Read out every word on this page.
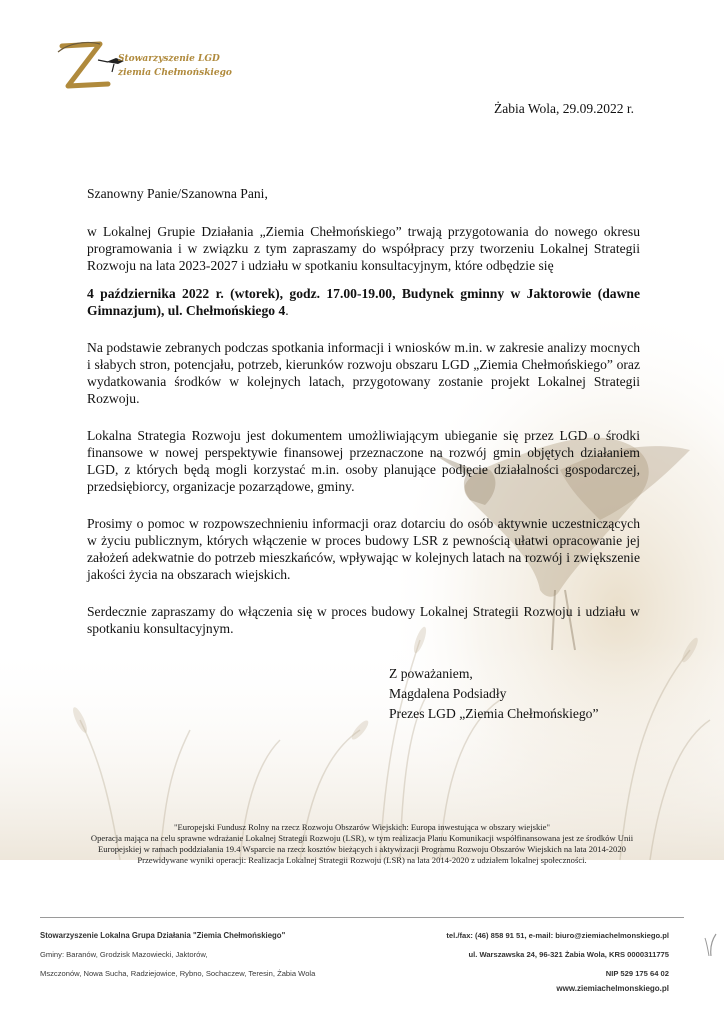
Stowarzyszenie LGD
ziemia Chełmońskiego
Żabia Wola, 29.09.2022 r.

Szanowny Panie/Szanowna Pani,

w Lokalnej Grupie Działania „Ziemia Chełmońskiego” trwają przygotowania do nowego okresu programowania i w związku z tym zapraszamy do współpracy przy tworzeniu Lokalnej Strategii Rozwoju na lata 2023-2027 i udziału w spotkaniu konsultacyjnym, które odbędzie się

4 października 2022 r. (wtorek), godz. 17.00-19.00, Budynek gminny w Jaktorowie (dawne Gimnazjum), ul. Chełmońskiego 4.

Na podstawie zebranych podczas spotkania informacji i wniosków m.in. w zakresie analizy mocnych i słabych stron, potencjału, potrzeb, kierunków rozwoju obszaru LGD „Ziemia Chełmońskiego” oraz wydatkowania środków w kolejnych latach, przygotowany zostanie projekt Lokalnej Strategii Rozwoju.

Lokalna Strategia Rozwoju jest dokumentem umożliwiającym ubieganie się przez LGD o środki finansowe w nowej perspektywie finansowej przeznaczone na rozwój gmin objętych działaniem LGD, z których będą mogli korzystać m.in. osoby planujące podjęcie działalności gospodarczej, przedsiębiorcy, organizacje pozarządowe, gminy.

Prosimy o pomoc w rozpowszechnieniu informacji oraz dotarciu do osób aktywnie uczestniczących w życiu publicznym, których włączenie w proces budowy LSR z pewnością ułatwi opracowanie jej założeń adekwatnie do potrzeb mieszkańców, wpływając w kolejnych latach na rozwój i zwiększenie jakości życia na obszarach wiejskich.

Serdecznie zapraszamy do włączenia się w proces budowy Lokalnej Strategii Rozwoju i udziału w spotkaniu konsultacyjnym.

Z poważaniem,
Magdalena Podsiadły
Prezes LGD „Ziemia Chełmońskiego”
"Europejski Fundusz Rolny na rzecz Rozwoju Obszarów Wiejskich: Europa inwestująca w obszary wiejskie"
Operacja mająca na celu sprawne wdrażanie Lokalnej Strategii Rozwoju (LSR), w tym realizacja Planu Komunikacji współfinansowana jest ze środków Unii Europejskiej w ramach poddziałania 19.4 Wsparcie na rzecz kosztów bieżących i aktywizacji Programu Rozwoju Obszarów Wiejskich na lata 2014-2020 Przewidywane wyniki operacji: Realizacja Lokalnej Strategii Rozwoju (LSR) na lata 2014-2020 z udziałem lokalnej społeczności.
Stowarzyszenie Lokalna Grupa Działania "Ziemia Chełmońskiego"
Gminy: Baranów, Grodzisk Mazowiecki, Jaktorów,
Mszczonów, Nowa Sucha, Radziejowice, Rybno, Sochaczew, Teresin, Żabia Wola
tel./fax: (46) 858 91 51, e-mail: biuro@ziemiachelmonskiego.pl
ul. Warszawska 24, 96-321 Żabia Wola, KRS 0000311775
NIP 529 175 64 02
www.ziemiachelmonskiego.pl
